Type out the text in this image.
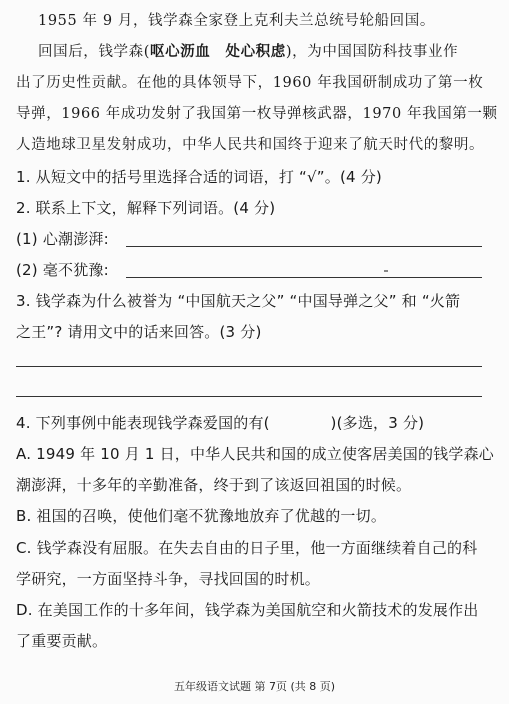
1955 年 9 月，钱学森全家登上克利夫兰总统号轮船回国。
回国后，钱学森(呕心沥血　处心积虑)，为中国国防科技事业作
出了历史性贡献。在他的具体领导下，1960 年我国研制成功了第一枚
导弹，1966 年成功发射了我国第一枚导弹核武器，1970 年我国第一颗
人造地球卫星发射成功，中华人民共和国终于迎来了航天时代的黎明。
1. 从短文中的括号里选择合适的词语，打 “√”。(4 分)
2. 联系上下文，解释下列词语。(4 分)
(1) 心潮澎湃:
(2) 毫不犹豫:
3. 钱学森为什么被誉为 “中国航天之父” “中国导弹之父” 和 “火箭
之王”? 请用文中的话来回答。(3 分)
4. 下列事例中能表现钱学森爱国的有(　　　　)(多选，3 分)
A. 1949 年 10 月 1 日，中华人民共和国的成立使客居美国的钱学森心
潮澎湃，十多年的辛勤准备，终于到了该返回祖国的时候。
B. 祖国的召唤，使他们毫不犹豫地放弃了优越的一切。
C. 钱学森没有屈服。在失去自由的日子里，他一方面继续着自己的科
学研究，一方面坚持斗争，寻找回国的时机。
D. 在美国工作的十多年间，钱学森为美国航空和火箭技术的发展作出
了重要贡献。
五年级语文试题 第 7页 (共 8 页)
